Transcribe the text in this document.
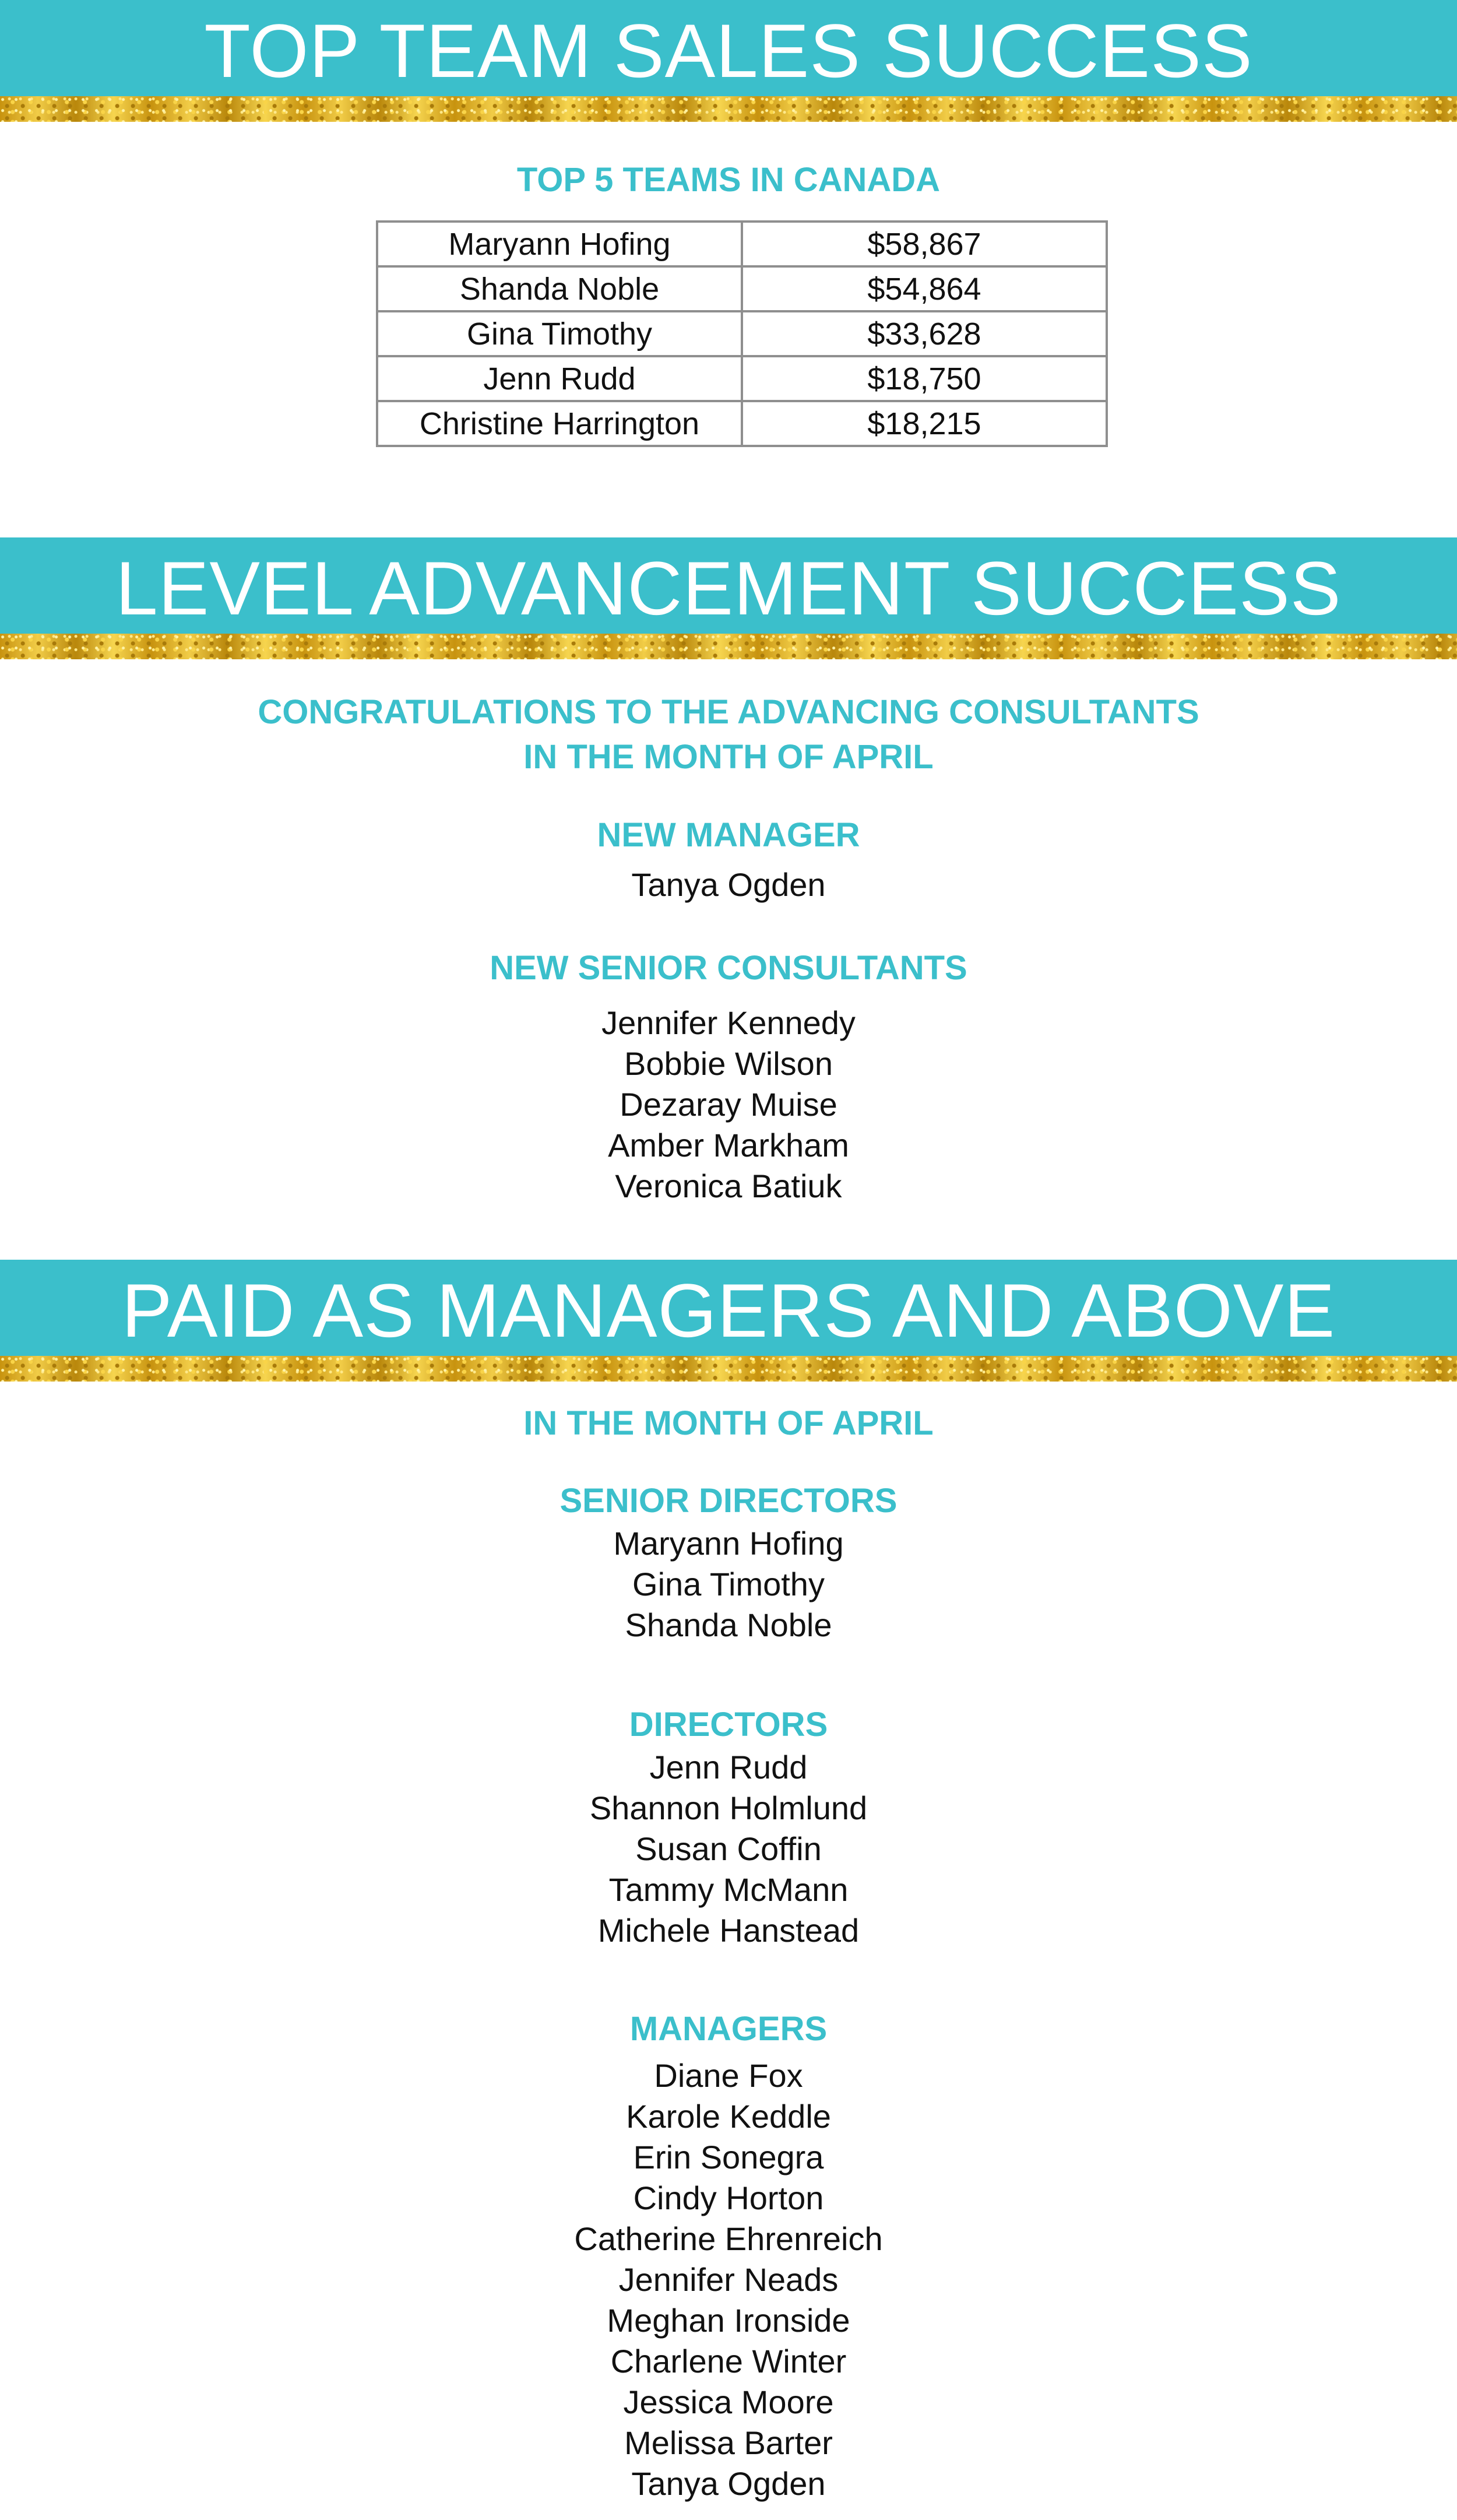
TOP TEAM SALES SUCCESS
TOP 5 TEAMS IN CANADA
Maryann Hofing	$58,867
Shanda Noble	$54,864
Gina Timothy	$33,628
Jenn Rudd	$18,750
Christine Harrington	$18,215
LEVEL ADVANCEMENT SUCCESS
CONGRATULATIONS TO THE ADVANCING CONSULTANTS
IN THE MONTH OF APRIL
NEW MANAGER
Tanya Ogden
NEW SENIOR CONSULTANTS
Jennifer Kennedy
Bobbie Wilson
Dezaray Muise
Amber Markham
Veronica Batiuk
PAID AS MANAGERS AND ABOVE
IN THE MONTH OF APRIL
SENIOR DIRECTORS
Maryann Hofing
Gina Timothy
Shanda Noble
DIRECTORS
Jenn Rudd
Shannon Holmlund
Susan Coffin
Tammy McMann
Michele Hanstead
MANAGERS
Diane Fox
Karole Keddle
Erin Sonegra
Cindy Horton
Catherine Ehrenreich
Jennifer Neads
Meghan Ironside
Charlene Winter
Jessica Moore
Melissa Barter
Tanya Ogden
